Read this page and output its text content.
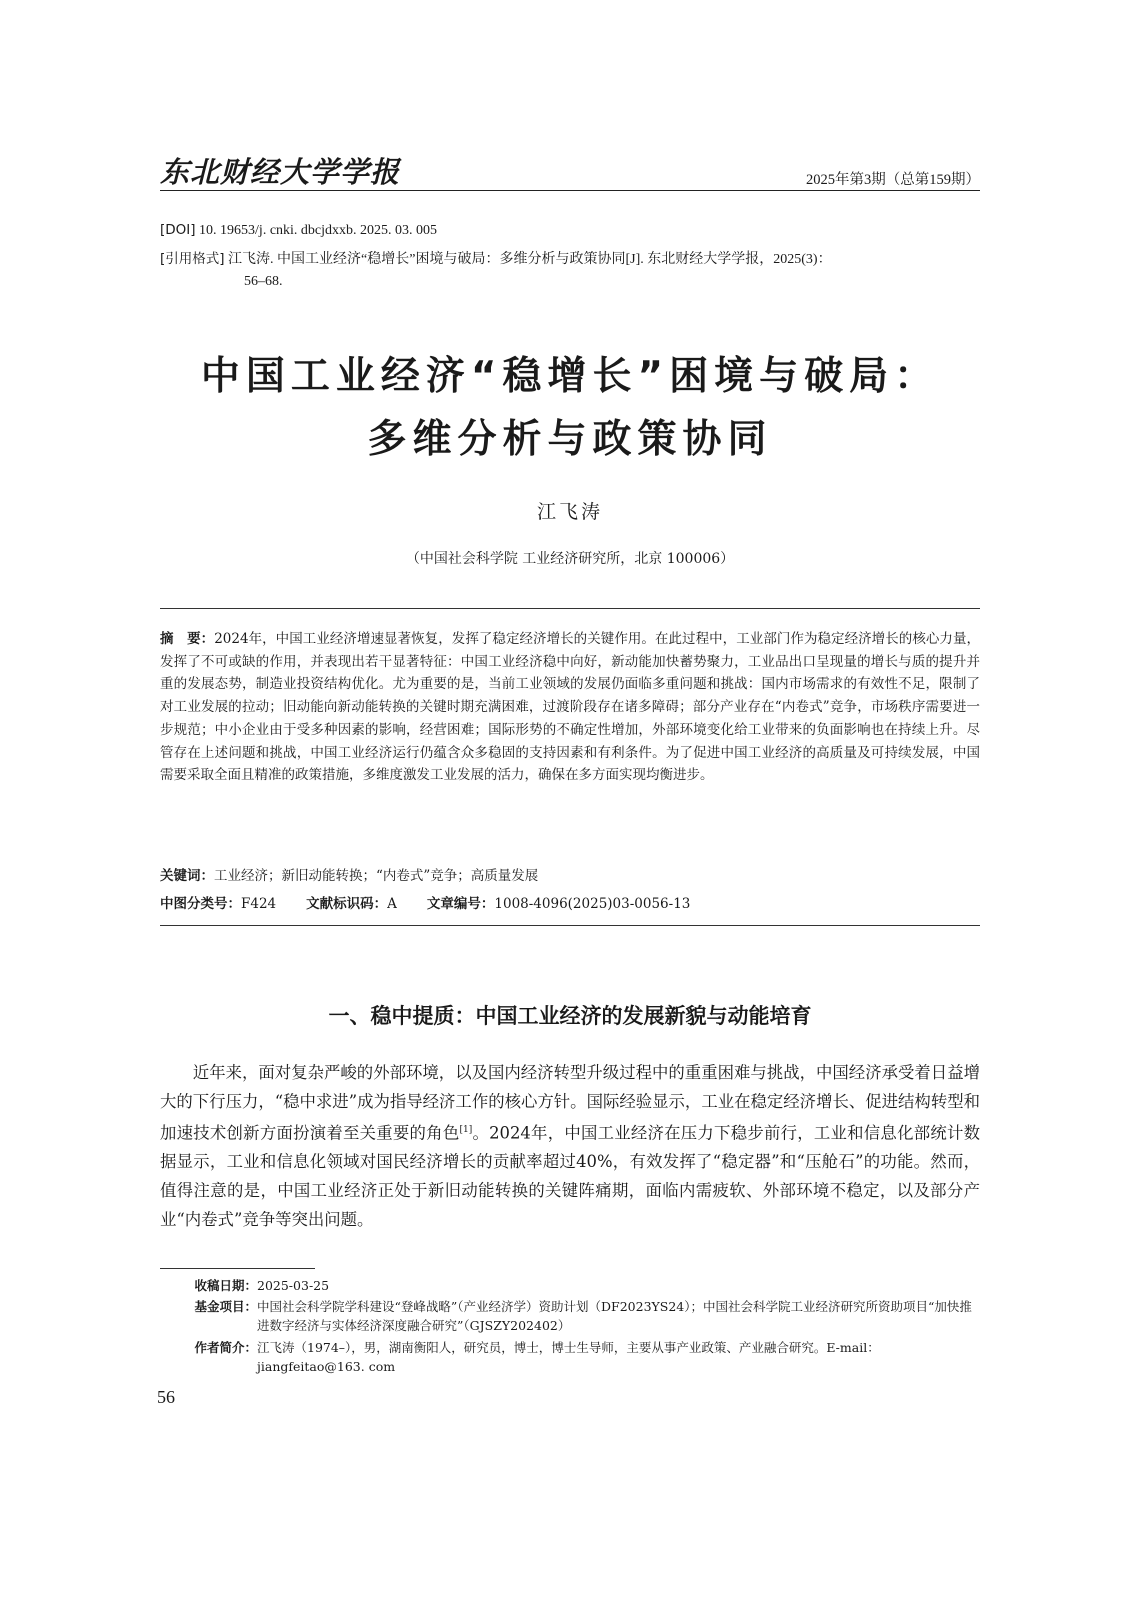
东北财经大学学报	2025年第3期（总第159期）
[DOI] 10. 19653/j. cnki. dbcjdxxb. 2025. 03. 005
[引用格式] 江飞涛. 中国工业经济“稳增长”困境与破局：多维分析与政策协同[J]. 东北财经大学学报，2025(3)：
56–68.
中国工业经济“稳增长”困境与破局：
多维分析与政策协同
江飞涛
（中国社会科学院 工业经济研究所，北京 100006）
摘　要：2024年，中国工业经济增速显著恢复，发挥了稳定经济增长的关键作用。在此过程中，工业部门作为稳定经济增长的核心力量，发挥了不可或缺的作用，并表现出若干显著特征：中国工业经济稳中向好，新动能加快蓄势聚力，工业品出口呈现量的增长与质的提升并重的发展态势，制造业投资结构优化。尤为重要的是，当前工业领域的发展仍面临多重问题和挑战：国内市场需求的有效性不足，限制了对工业发展的拉动；旧动能向新动能转换的关键时期充满困难，过渡阶段存在诸多障碍；部分产业存在“内卷式”竞争，市场秩序需要进一步规范；中小企业由于受多种因素的影响，经营困难；国际形势的不确定性增加，外部环境变化给工业带来的负面影响也在持续上升。尽管存在上述问题和挑战，中国工业经济运行仍蕴含众多稳固的支持因素和有利条件。为了促进中国工业经济的高质量及可持续发展，中国需要采取全面且精准的政策措施，多维度激发工业发展的活力，确保在多方面实现均衡进步。
关键词：工业经济；新旧动能转换；“内卷式”竞争；高质量发展
中图分类号：F424 文献标识码：A 文章编号：1008-4096(2025)03-0056-13
一、稳中提质：中国工业经济的发展新貌与动能培育
近年来，面对复杂严峻的外部环境，以及国内经济转型升级过程中的重重困难与挑战，中国经济承受着日益增大的下行压力，“稳中求进”成为指导经济工作的核心方针。国际经验显示，工业在稳定经济增长、促进结构转型和加速技术创新方面扮演着至关重要的角色[1]。2024年，中国工业经济在压力下稳步前行，工业和信息化部统计数据显示，工业和信息化领域对国民经济增长的贡献率超过40%，有效发挥了“稳定器”和“压舱石”的功能。然而，值得注意的是，中国工业经济正处于新旧动能转换的关键阵痛期，面临内需疲软、外部环境不稳定，以及部分产业“内卷式”竞争等突出问题。
收稿日期：2025-03-25
基金项目：中国社会科学院学科建设“登峰战略”（产业经济学）资助计划（DF2023YS24）；中国社会科学院工业经济研究所资助项目“加快推进数字经济与实体经济深度融合研究”（GJSZY202402）
作者简介：江飞涛（1974–），男，湖南衡阳人，研究员，博士，博士生导师，主要从事产业政策、产业融合研究。E-mail：jiangfeitao@163. com
56
